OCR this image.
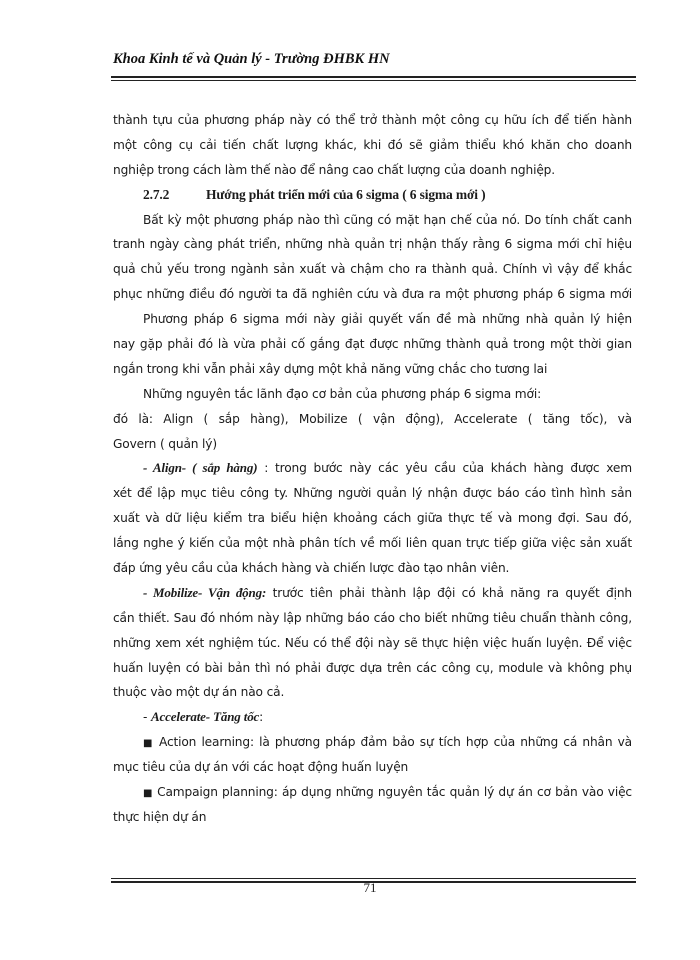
Khoa Kinh tế và Quản lý - Trường ĐHBK HN
thành tựu của phương pháp này có thể trở thành một công cụ hữu ích để tiến hành
một công cụ cải tiến chất lượng khác, khi đó sẽ giảm thiểu khó khăn cho doanh
nghiệp trong cách làm thế nào để nâng cao chất lượng của doanh nghiệp.
2.7.2	Hướng phát triển mới của 6 sigma ( 6 sigma mới )
Bất kỳ một phương pháp nào thì cũng có mặt hạn chế của nó. Do tính chất canh
tranh ngày càng phát triển, những nhà quản trị nhận thấy rằng 6 sigma mới chỉ hiệu
quả chủ yếu trong ngành sản xuất và chậm cho ra thành quả. Chính vì vậy để khắc
phục những điều đó người ta đã nghiên cứu và đưa ra một phương pháp 6 sigma mới
Phương pháp 6 sigma mới này giải quyết vấn đề mà những nhà quản lý hiện
nay gặp phải đó là vừa phải cố gắng đạt được những thành quả trong một thời gian
ngắn trong khi vẫn phải xây dựng một khả năng vững chắc cho tương lai
Những nguyên tắc lãnh đạo cơ bản của phương pháp 6 sigma mới:
đó là: Align ( sắp hàng), Mobilize ( vận động), Accelerate ( tăng tốc), và
Govern ( quản lý)
- Align- ( sắp hàng) : trong bước này các yêu cầu của khách hàng được xem
xét để lập mục tiêu công ty. Những người quản lý nhận được báo cáo tình hình sản
xuất và dữ liệu kiểm tra biểu hiện khoảng cách giữa thực tế và mong đợi. Sau đó,
lắng nghe ý kiến của một nhà phân tích về mối liên quan trực tiếp giữa việc sản xuất
đáp ứng yêu cầu của khách hàng và chiến lược đào tạo nhân viên.
- Mobilize- Vận động: trước tiên phải thành lập đội có khả năng ra quyết định
cần thiết. Sau đó nhóm này lập những báo cáo cho biết những tiêu chuẩn thành công,
những xem xét nghiệm túc. Nếu có thể đội này sẽ thực hiện việc huấn luyện. Để việc
huấn luyện có bài bản thì nó phải được dựa trên các công cụ, module và không phụ
thuộc vào một dự án nào cả.
- Accelerate- Tăng tốc:
■ Action learning: là phương pháp đảm bảo sự tích hợp của những cá nhân và
mục tiêu của dự án với các hoạt động huấn luyện
■ Campaign planning: áp dụng những nguyên tắc quản lý dự án cơ bản vào việc
thực hiện dự án
71
